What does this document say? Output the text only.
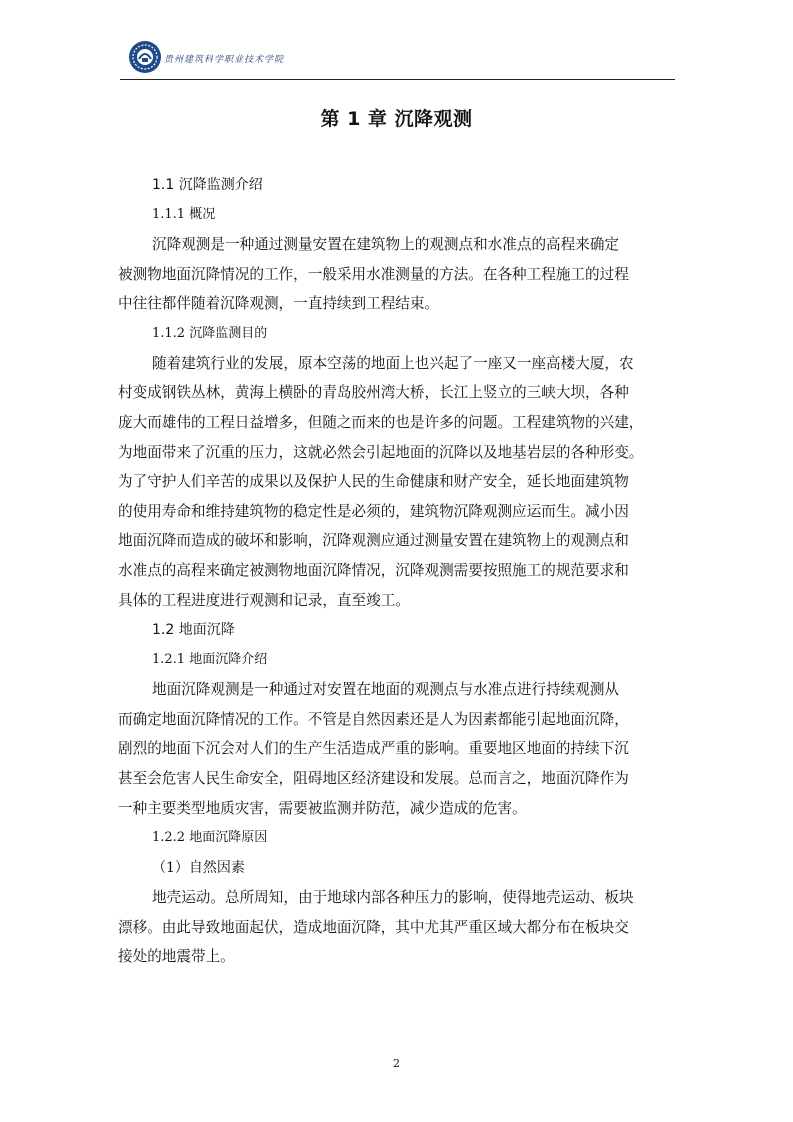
贵州建筑科学职业技术学院
第 1 章 沉降观测
1.1 沉降监测介绍
1.1.1 概况
沉降观测是一种通过测量安置在建筑物上的观测点和水准点的高程来确定
被测物地面沉降情况的工作，一般采用水准测量的方法。在各种工程施工的过程
中往往都伴随着沉降观测，一直持续到工程结束。
1.1.2 沉降监测目的
随着建筑行业的发展，原本空荡的地面上也兴起了一座又一座高楼大厦，农
村变成钢铁丛林，黄海上横卧的青岛胶州湾大桥，长江上竖立的三峡大坝，各种
庞大而雄伟的工程日益增多，但随之而来的也是许多的问题。工程建筑物的兴建，
为地面带来了沉重的压力，这就必然会引起地面的沉降以及地基岩层的各种形变。
为了守护人们辛苦的成果以及保护人民的生命健康和财产安全，延长地面建筑物
的使用寿命和维持建筑物的稳定性是必须的，建筑物沉降观测应运而生。减小因
地面沉降而造成的破坏和影响，沉降观测应通过测量安置在建筑物上的观测点和
水准点的高程来确定被测物地面沉降情况，沉降观测需要按照施工的规范要求和
具体的工程进度进行观测和记录，直至竣工。
1.2 地面沉降
1.2.1 地面沉降介绍
地面沉降观测是一种通过对安置在地面的观测点与水准点进行持续观测从
而确定地面沉降情况的工作。不管是自然因素还是人为因素都能引起地面沉降，
剧烈的地面下沉会对人们的生产生活造成严重的影响。重要地区地面的持续下沉
甚至会危害人民生命安全，阻碍地区经济建设和发展。总而言之，地面沉降作为
一种主要类型地质灾害，需要被监测并防范，减少造成的危害。
1.2.2 地面沉降原因
（1）自然因素
地壳运动。总所周知，由于地球内部各种压力的影响，使得地壳运动、板块
漂移。由此导致地面起伏，造成地面沉降，其中尤其严重区域大都分布在板块交
接处的地震带上。
2
